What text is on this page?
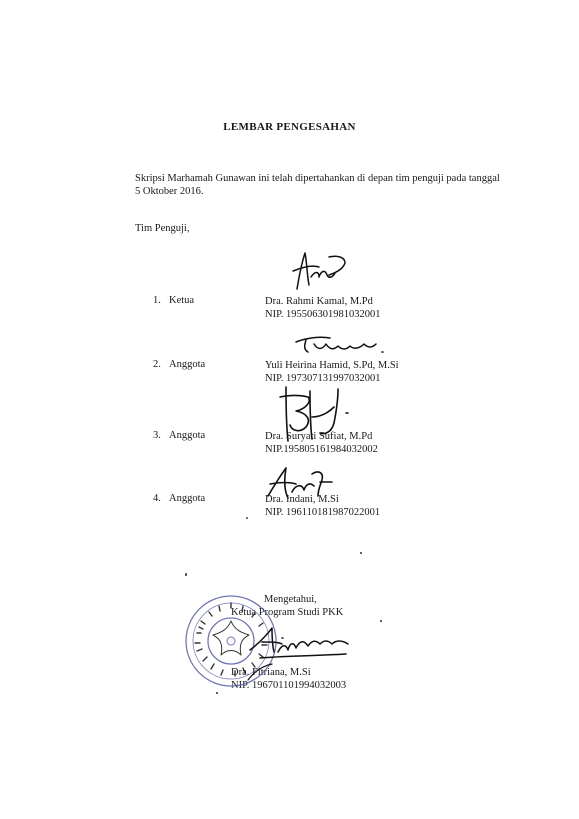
LEMBAR PENGESAHAN
Skripsi Marhamah Gunawan ini telah dipertahankan di depan tim penguji pada tanggal
5 Oktober 2016.
Tim Penguji,
1. Ketua	Dra. Rahmi Kamal, M.Pd
NIP. 195506301981032001
2. Anggota	Yuli Heirina Hamid, S.Pd, M.Si
NIP. 197307131997032001
3. Anggota	Dra. Suryati Sufiat, M.Pd
NIP.195805161984032002
4. Anggota	Dra. Indani, M.Si
NIP. 196110181987022001
Mengetahui,
Ketua Program Studi PKK
Dra. Fitriana, M.Si
NIP. 196701101994032003
